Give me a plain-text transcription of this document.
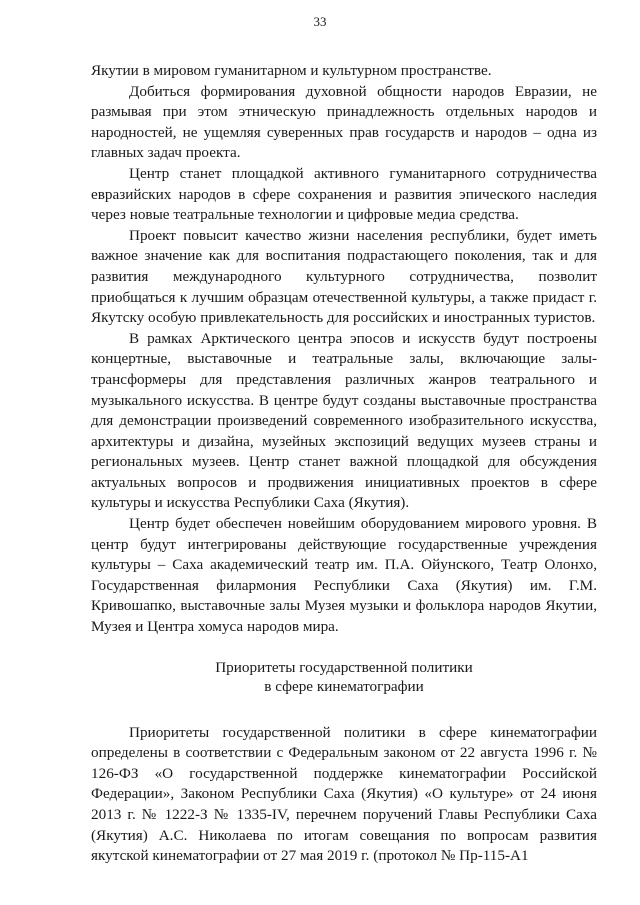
33

Якутии в мировом гуманитарном и культурном пространстве.

Добиться формирования духовной общности народов Евразии, не размывая при этом этническую принадлежность отдельных народов и народностей, не ущемляя суверенных прав государств и народов – одна из главных задач проекта.

Центр станет площадкой активного гуманитарного сотрудничества евразийских народов в сфере сохранения и развития эпического наследия через новые театральные технологии и цифровые медиа средства.

Проект повысит качество жизни населения республики, будет иметь важное значение как для воспитания подрастающего поколения, так и для развития международного культурного сотрудничества, позволит приобщаться к лучшим образцам отечественной культуры, а также придаст г. Якутску особую привлекательность для российских и иностранных туристов.

В рамках Арктического центра эпосов и искусств будут построены концертные, выставочные и театральные залы, включающие залы-трансформеры для представления различных жанров театрального и музыкального искусства. В центре будут созданы выставочные пространства для демонстрации произведений современного изобразительного искусства, архитектуры и дизайна, музейных экспозиций ведущих музеев страны и региональных музеев. Центр станет важной площадкой для обсуждения актуальных вопросов и продвижения инициативных проектов в сфере культуры и искусства Республики Саха (Якутия).

Центр будет обеспечен новейшим оборудованием мирового уровня. В центр будут интегрированы действующие государственные учреждения культуры – Саха академический театр им. П.А. Ойунского, Театр Олонхо, Государственная филармония Республики Саха (Якутия) им. Г.М. Кривошапко, выставочные залы Музея музыки и фольклора народов Якутии, Музея и Центра хомуса народов мира.

Приоритеты государственной политики
в сфере кинематографии

Приоритеты государственной политики в сфере кинематографии определены в соответствии с Федеральным законом от 22 августа 1996 г. № 126-ФЗ «О государственной поддержке кинематографии Российской Федерации», Законом Республики Саха (Якутия) «О культуре» от 24 июня 2013 г. № 1222-З № 1335-IV, перечнем поручений Главы Республики Саха (Якутия) А.С. Николаева по итогам совещания по вопросам развития якутской кинематографии от 27 мая 2019 г. (протокол № Пр-115-А1
